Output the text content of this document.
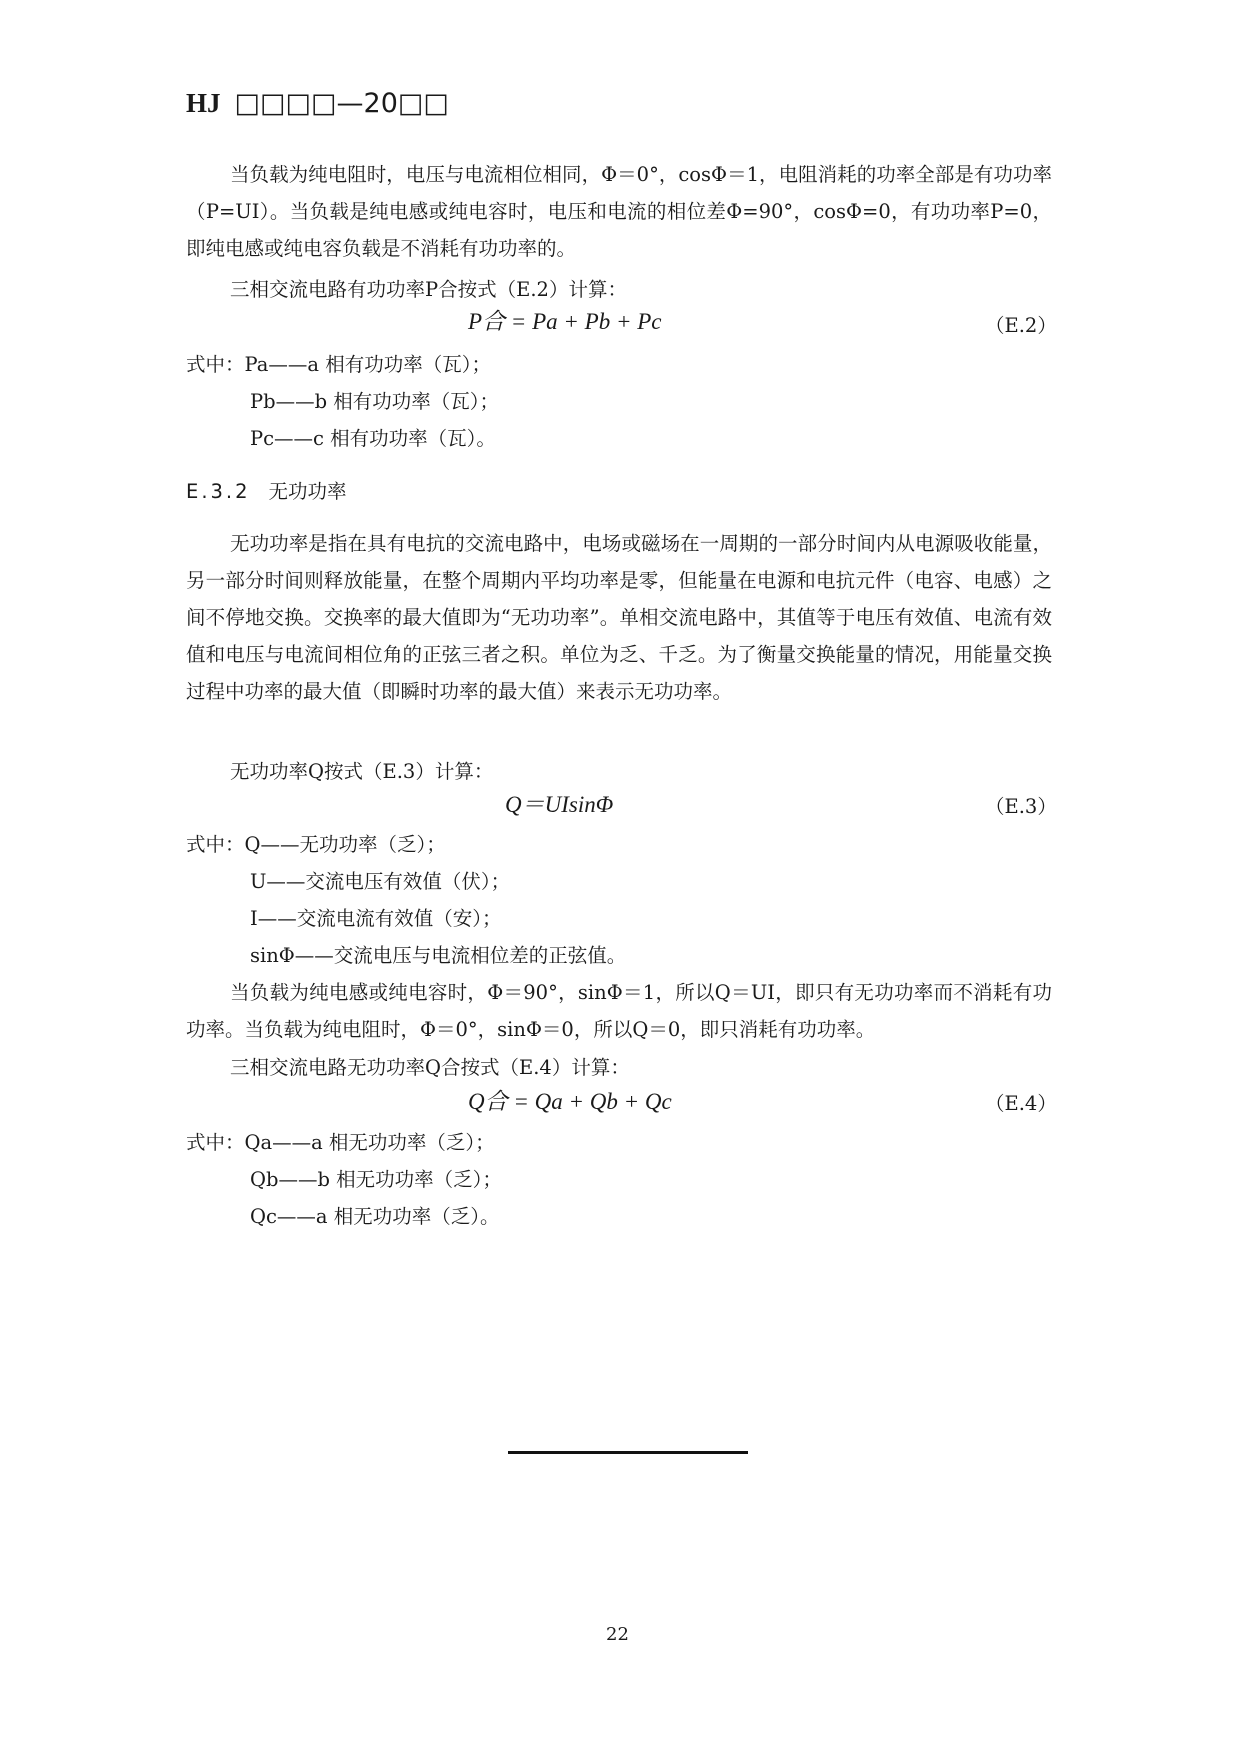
HJ □□□□—20□□
当负载为纯电阻时，电压与电流相位相同，Φ＝0°，cosΦ＝1，电阻消耗的功率全部是有功功率（P=UI）。当负载是纯电感或纯电容时，电压和电流的相位差Φ=90°，cosΦ=0，有功功率P=0，即纯电感或纯电容负载是不消耗有功功率的。
三相交流电路有功功率P合按式（E.2）计算：
P合 = Pa + Pb + Pc	（E.2）
式中：Pa——a 相有功功率（瓦）；
Pb——b 相有功功率（瓦）；
Pc——c 相有功功率（瓦）。
E.3.2 无功功率
无功功率是指在具有电抗的交流电路中，电场或磁场在一周期的一部分时间内从电源吸收能量，另一部分时间则释放能量，在整个周期内平均功率是零，但能量在电源和电抗元件（电容、电感）之间不停地交换。交换率的最大值即为“无功功率”。单相交流电路中，其值等于电压有效值、电流有效值和电压与电流间相位角的正弦三者之积。单位为乏、千乏。为了衡量交换能量的情况，用能量交换过程中功率的最大值（即瞬时功率的最大值）来表示无功功率。
无功功率Q按式（E.3）计算：
Q＝UIsinΦ	（E.3）
式中：Q——无功功率（乏）；
U——交流电压有效值（伏）；
I——交流电流有效值（安）；
sinΦ——交流电压与电流相位差的正弦值。
当负载为纯电感或纯电容时，Φ＝90°，sinΦ＝1，所以Q＝UI，即只有无功功率而不消耗有功功率。当负载为纯电阻时，Φ＝0°，sinΦ＝0，所以Q＝0，即只消耗有功功率。
三相交流电路无功功率Q合按式（E.4）计算：
Q合 = Qa + Qb + Qc	（E.4）
式中：Qa——a 相无功功率（乏）；
Qb——b 相无功功率（乏）；
Qc——a 相无功功率（乏）。
22
